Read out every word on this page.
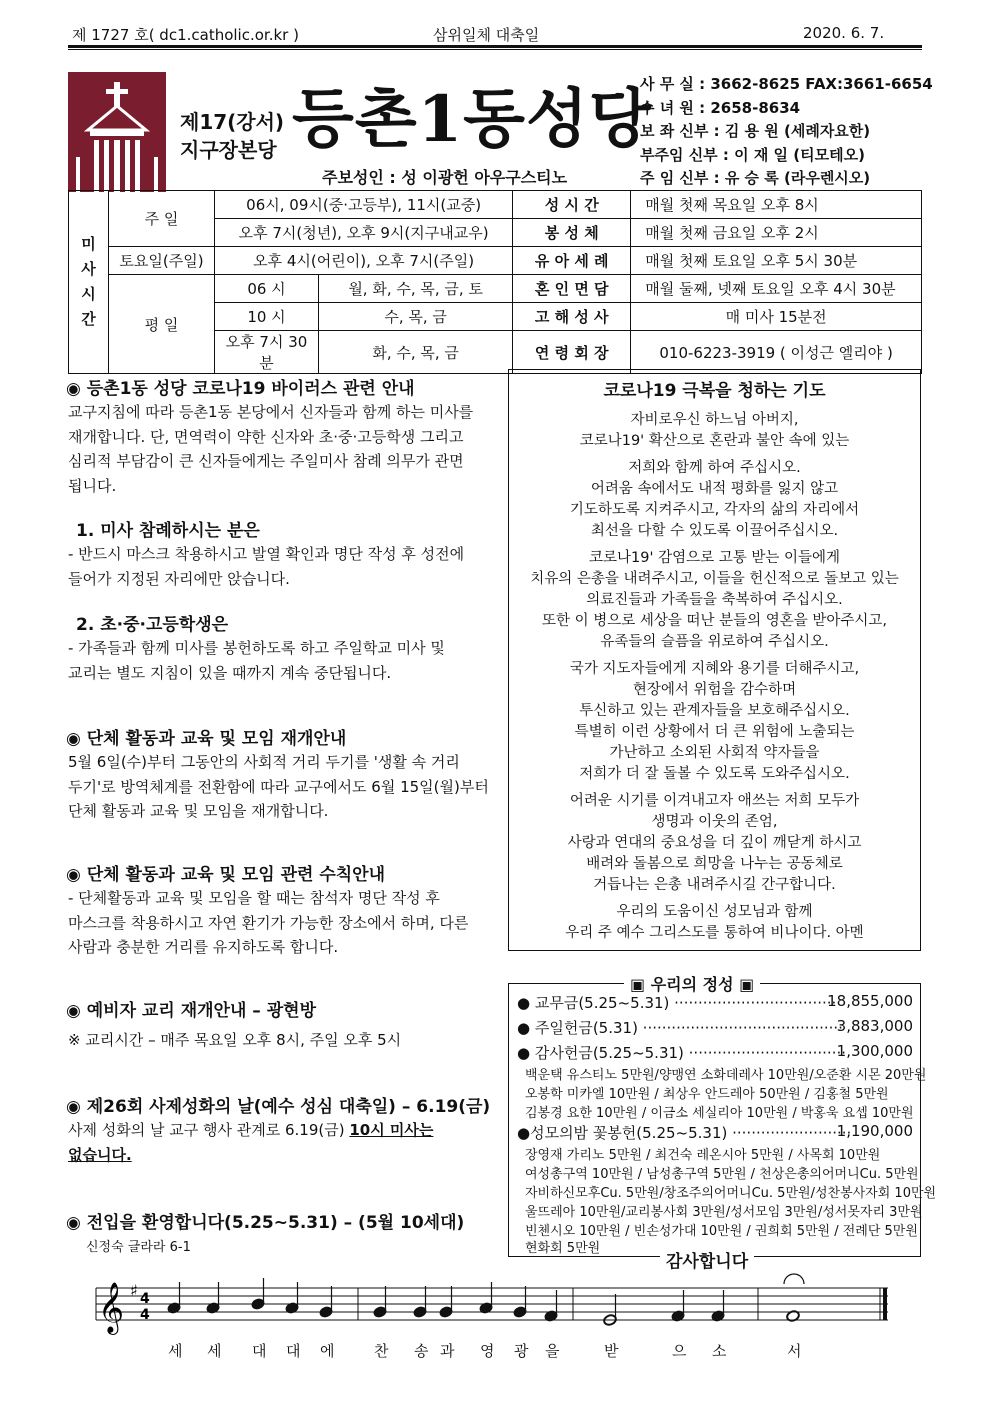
제 1727 호( dc1.catholic.or.kr )	삼위일체 대축일	2020. 6. 7.
제17(강서)
지구장본당 등촌1동성당
주보성인 : 성 이광헌 아우구스티노
사 무 실 : 3662-8625 FAX:3661-6654
수 녀 원 : 2658-8634
보 좌 신부 : 김 용 원 (세례자요한)
부주임 신부 : 이 재 일 (티모테오)
주 임 신부 : 유 승 록 (라우렌시오)
미
사
시
간	주 일	06시, 09시(중·고등부), 11시(교중)		성 시 간	매월 첫째 목요일 오후 8시
		오후 7시(청년), 오후 9시(지구내교우)		봉 성 체	매월 첫째 금요일 오후 2시
	토요일(주일)	오후 4시(어린이), 오후 7시(주일)		유 아 세 례	매월 첫째 토요일 오후 5시 30분
	평 일	06 시	월, 화, 수, 목, 금, 토	혼 인 면 담	매월 둘째, 넷째 토요일 오후 4시 30분
		10 시	수, 목, 금	고 해 성 사	매 미사 15분전
		오후 7시 30분	화, 수, 목, 금	연 령 회 장	010-6223-3919 ( 이성근 엘리야 )
◉ 등촌1동 성당 코로나19 바이러스 관련 안내
교구지침에 따라 등촌1동 본당에서 신자들과 함께 하는 미사를
재개합니다. 단, 면역력이 약한 신자와 초·중·고등학생 그리고
심리적 부담감이 큰 신자들에게는 주일미사 참례 의무가 관면
됩니다.
1. 미사 참례하시는 분은
- 반드시 마스크 착용하시고 발열 확인과 명단 작성 후 성전에
들어가 지정된 자리에만 앉습니다.
2. 초·중·고등학생은
- 가족들과 함께 미사를 봉헌하도록 하고 주일학교 미사 및
교리는 별도 지침이 있을 때까지 계속 중단됩니다.
◉ 단체 활동과 교육 및 모임 재개안내
5월 6일(수)부터 그동안의 사회적 거리 두기를 '생활 속 거리
두기'로 방역체계를 전환함에 따라 교구에서도 6월 15일(월)부터
단체 활동과 교육 및 모임을 재개합니다.
◉ 단체 활동과 교육 및 모임 관련 수칙안내
- 단체활동과 교육 및 모임을 할 때는 참석자 명단 작성 후
마스크를 착용하시고 자연 환기가 가능한 장소에서 하며, 다른
사람과 충분한 거리를 유지하도록 합니다.
◉ 예비자 교리 재개안내 – 광현방
※ 교리시간 – 매주 목요일 오후 8시, 주일 오후 5시
◉ 제26회 사제성화의 날(예수 성심 대축일) – 6.19(금)
사제 성화의 날 교구 행사 관계로 6.19(금) 10시 미사는
없습니다.
◉ 전입을 환영합니다(5.25~5.31) – (5월 10세대)
신정숙 글라라 6-1
코로나19 극복을 청하는 기도
자비로우신 하느님 아버지,
코로나19' 확산으로 혼란과 불안 속에 있는
저희와 함께 하여 주십시오.
어려움 속에서도 내적 평화를 잃지 않고
기도하도록 지켜주시고, 각자의 삶의 자리에서
최선을 다할 수 있도록 이끌어주십시오.
코로나19' 감염으로 고통 받는 이들에게
치유의 은총을 내려주시고, 이들을 헌신적으로 돌보고 있는
의료진들과 가족들을 축복하여 주십시오.
또한 이 병으로 세상을 떠난 분들의 영혼을 받아주시고,
유족들의 슬픔을 위로하여 주십시오.
국가 지도자들에게 지혜와 용기를 더해주시고,
현장에서 위험을 감수하며
투신하고 있는 관계자들을 보호해주십시오.
특별히 이런 상황에서 더 큰 위험에 노출되는
가난하고 소외된 사회적 약자들을
저희가 더 잘 돌볼 수 있도록 도와주십시오.
어려운 시기를 이겨내고자 애쓰는 저희 모두가
생명과 이웃의 존엄,
사랑과 연대의 중요성을 더 깊이 깨닫게 하시고
배려와 돌봄으로 희망을 나누는 공동체로
거듭나는 은총 내려주시길 간구합니다.
우리의 도움이신 성모님과 함께
우리 주 예수 그리스도를 통하여 비나이다. 아멘
▣ 우리의 정성 ▣
● 교무금(5.25~5.31) ··································
18,855,000
● 주일헌금(5.31) ··········································
3,883,000
● 감사헌금(5.25~5.31) ·································
1,300,000
백운택 유스티노 5만원/양맹연 소화데레사 10만원/오준환 시몬 20만원
오봉학 미카엘 10만원 / 최상우 안드레아 50만원 / 김홍철 5만원
김봉경 요한 10만원 / 이금소 세실리아 10만원 / 박홍욱 요셉 10만원
●성모의밤 꽃봉헌(5.25~5.31) ·························
1,190,000
장영재 가리노 5만원 / 최건숙 레온시아 5만원 / 사목회 10만원
여성총구역 10만원 / 남성총구역 5만원 / 천상은총의어머니Cu. 5만원
자비하신모후Cu. 5만원/창조주의어머니Cu. 5만원/성찬봉사자회 10만원
울뜨레아 10만원/교리봉사회 3만원/성서모임 3만원/성서못자리 3만원
빈첸시오 10만원 / 빈손성가대 10만원 / 권희회 5만원 / 전례단 5만원
현화회 5만원
감사합니다
𝄞 ♯ 4
4
세 세 대 대 에	찬 송 과 영 광 을	받	으 소	서
